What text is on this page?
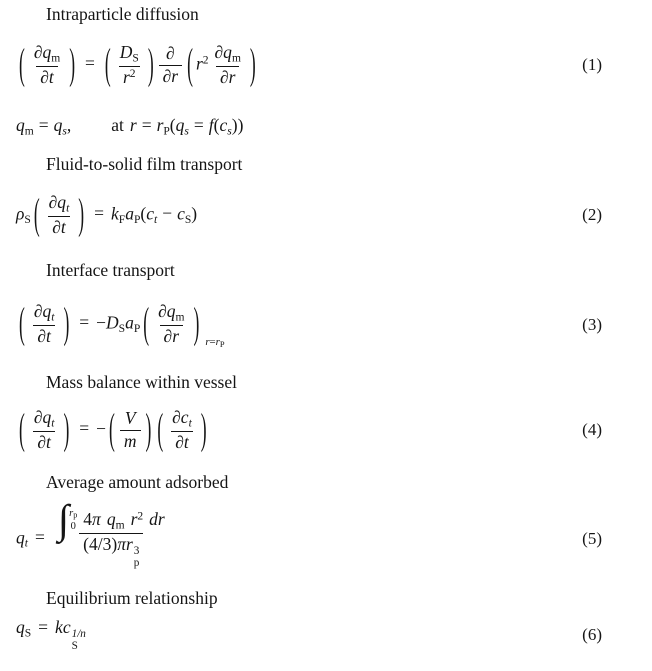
Intraparticle diffusion
( $\frac{\partial qm}{\partial t}$ ) = ( $\frac{DS}{r^2}$ ) $\frac{\partial}{\partial r}$ ( $r^2 \frac{\partial qm}{\partial r}$ )	(1)
qm = qs, at r = rP(qs = f(cs))
Fluid-to-solid film transport
ρS ( $\frac{\partial qt}{\partial t}$ ) = kFaP(ct − cS)	(2)
Interface transport
( $\frac{\partial qt}{\partial t}$ ) = −DSaP ( $\frac{\partial qm}{\partial r}$ ) $_{r=rP}$
(3)
Mass balance within vessel
( $\frac{\partial qt}{\partial t}$ ) = − ( $\frac{V}{m}$ ) ( $\frac{\partial ct}{\partial t}$ )	(4)
Average amount adsorbed
qt = ∫ rp
0 4π qm $r^2$ dr
(4/3)πr 3
p	(5)
Equilibrium relationship
qS = kc 1/n
S
(6)
